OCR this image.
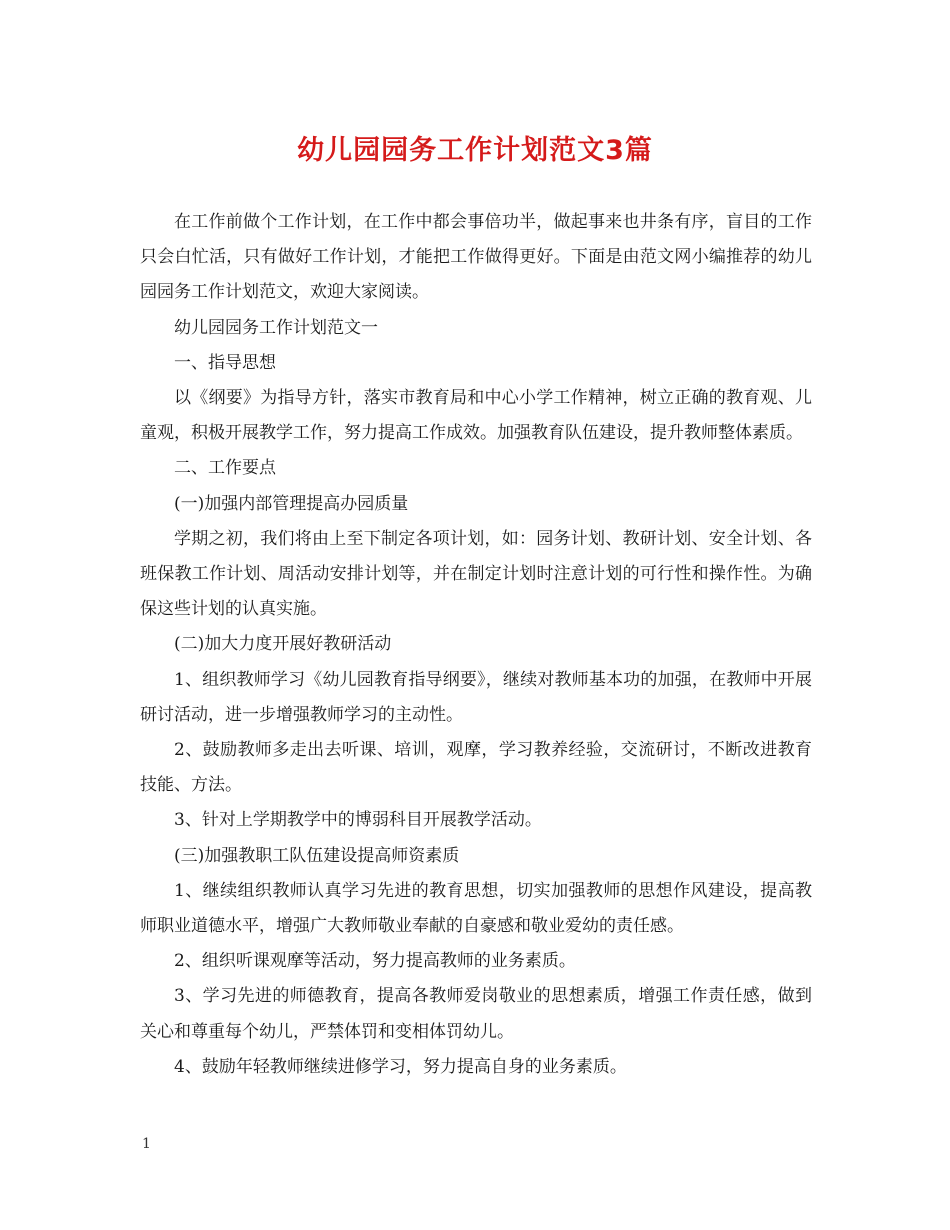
幼儿园园务工作计划范文3篇

在工作前做个工作计划，在工作中都会事倍功半，做起事来也井条有序，盲目的工作只会白忙活，只有做好工作计划，才能把工作做得更好。下面是由范文网小编推荐的幼儿园园务工作计划范文，欢迎大家阅读。

幼儿园园务工作计划范文一

一、指导思想

以《纲要》为指导方针，落实市教育局和中心小学工作精神，树立正确的教育观、儿童观，积极开展教学工作，努力提高工作成效。加强教育队伍建设，提升教师整体素质。

二、工作要点

(一)加强内部管理提高办园质量

学期之初，我们将由上至下制定各项计划，如：园务计划、教研计划、安全计划、各班保教工作计划、周活动安排计划等，并在制定计划时注意计划的可行性和操作性。为确保这些计划的认真实施。

(二)加大力度开展好教研活动

1、组织教师学习《幼儿园教育指导纲要》，继续对教师基本功的加强，在教师中开展研讨活动，进一步增强教师学习的主动性。

2、鼓励教师多走出去听课、培训，观摩，学习教养经验，交流研讨，不断改进教育技能、方法。

3、针对上学期教学中的博弱科目开展教学活动。

(三)加强教职工队伍建设提高师资素质

1、继续组织教师认真学习先进的教育思想，切实加强教师的思想作风建设，提高教师职业道德水平，增强广大教师敬业奉献的自豪感和敬业爱幼的责任感。

2、组织听课观摩等活动，努力提高教师的业务素质。

3、学习先进的师德教育，提高各教师爱岗敬业的思想素质，增强工作责任感，做到关心和尊重每个幼儿，严禁体罚和变相体罚幼儿。

4、鼓励年轻教师继续进修学习，努力提高自身的业务素质。

1
